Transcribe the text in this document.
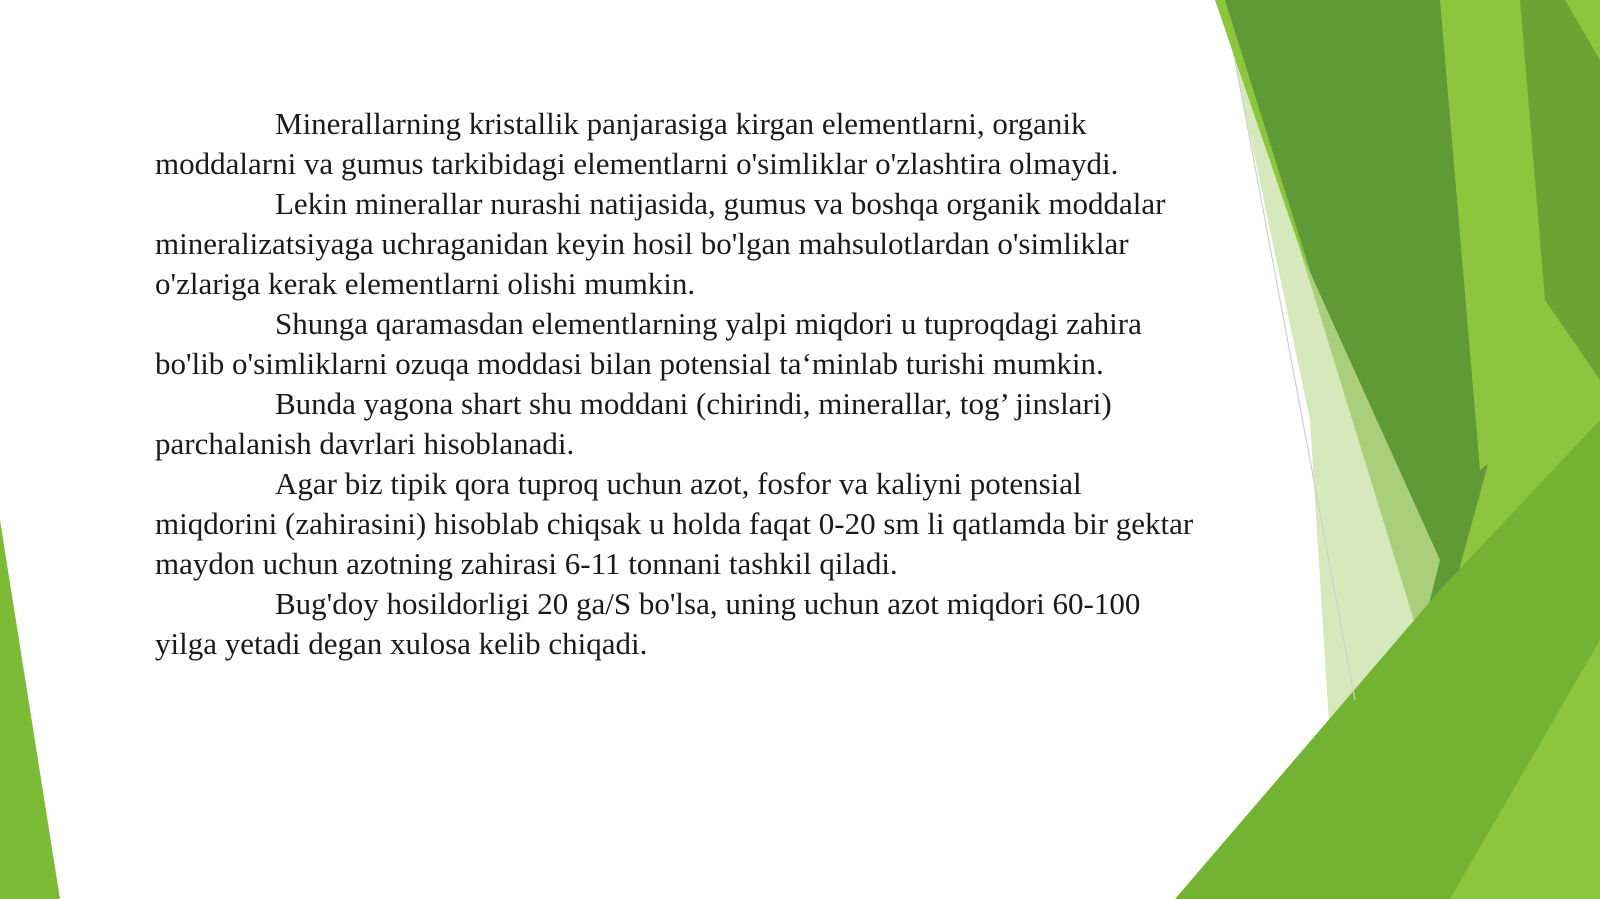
Minerallarning kristallik panjarasiga kirgan elementlarni, organik moddalarni va gumus tarkibidagi elementlarni o'simliklar o'zlashtira olmaydi.

Lekin minerallar nurashi natijasida, gumus va boshqa organik moddalar mineralizatsiyaga uchraganidan keyin hosil bo'lgan mahsulotlardan o'simliklar o'zlariga kerak elementlarni olishi mumkin.

Shunga qaramasdan elementlarning yalpi miqdori u tuproqdagi zahira bo'lib o'simliklarni ozuqa moddasi bilan potensial ta‘minlab turishi mumkin.

Bunda yagona shart shu moddani (chirindi, minerallar, tog’ jinslari) parchalanish davrlari hisoblanadi.

Agar biz tipik qora tuproq uchun azot, fosfor va kaliyni potensial miqdorini (zahirasini) hisoblab chiqsak u holda faqat 0-20 sm li qatlamda bir gektar maydon uchun azotning zahirasi 6-11 tonnani tashkil qiladi.

Bug'doy hosildorligi 20 ga/S bo'lsa, uning uchun azot miqdori 60-100 yilga yetadi degan xulosa kelib chiqadi.
